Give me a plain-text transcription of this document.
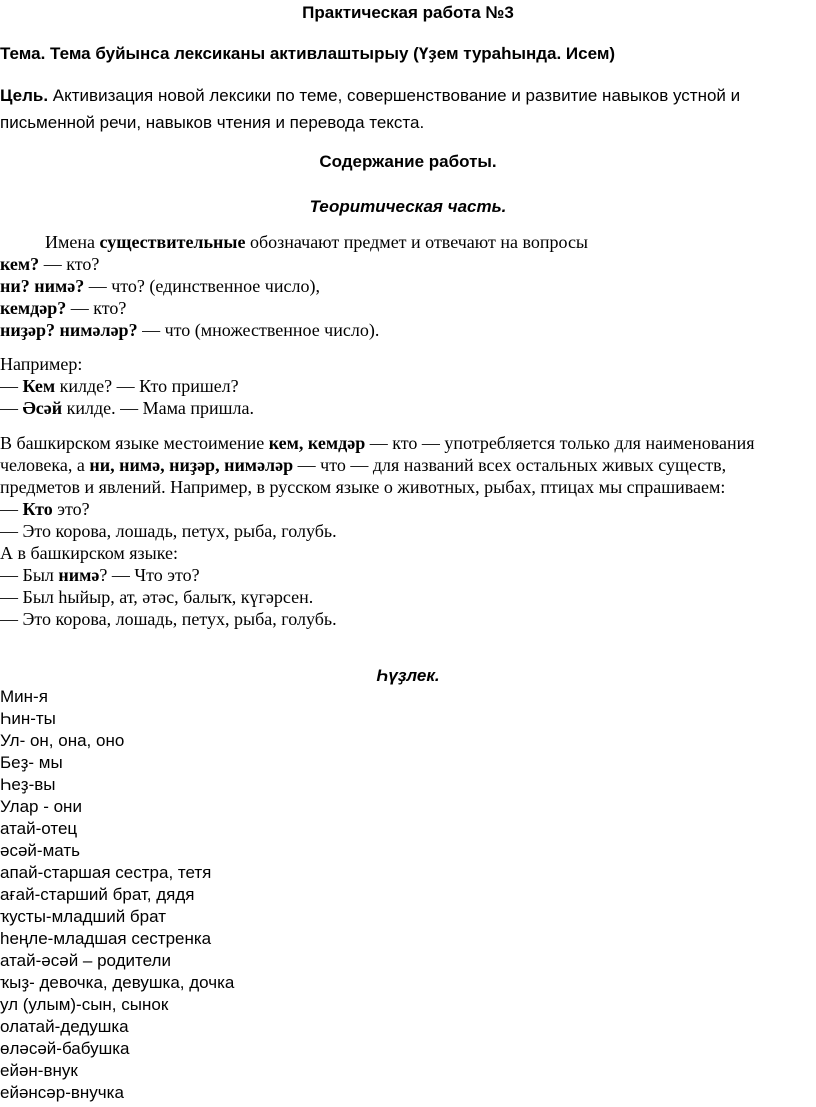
Практическая работа №3
Тема. Тема буйынса лексиканы активлаштырыу (Үҙем тураһында. Исем)
Цель. Активизация новой лексики по теме, совершенствование и развитие навыков устной и
письменной речи, навыков чтения и перевода текста.
Содержание работы.
Теоритическая часть.
Имена существительные обозначают предмет и отвечают на вопросы
кем? — кто?
ни? нимә? — что? (единственное число),
кемдәр? — кто?
ниҙәр? нимәләр? — что (множественное число).
Например:
— Кем килде? — Кто пришел?
— Әсәй килде. — Мама пришла.
В башкирском языке местоимение кем, кемдәр — кто — употребляется только для наименования
человека, а ни, нимә, ниҙәр, нимәләр — что — для названий всех остальных живых существ,
предметов и явлений. Например, в русском языке о животных, рыбах, птицах мы спрашиваем:
— Кто это?
— Это корова, лошадь, петух, рыба, голубь.
А в башкирском языке:
— Был нимә? — Что это?
— Был һыйыр, ат, әтәс, балыҡ, күгәрсен.
— Это корова, лошадь, петух, рыба, голубь.
Һүҙлек.
Мин-я
Һин-ты
Ул- он, она, оно
Беҙ- мы
Һеҙ-вы
Улар - они
атай-отец
әсәй-мать
апай-старшая сестра, тетя
ағай-старший брат, дядя
ҡусты-младший брат
һеңле-младшая сестренка
атай-әсәй – родители
ҡыҙ- девочка, девушка, дочка
ул (улым)-сын, сынок
олатай-дедушка
өләсәй-бабушка
ейән-внук
ейәнсәр-внучка
